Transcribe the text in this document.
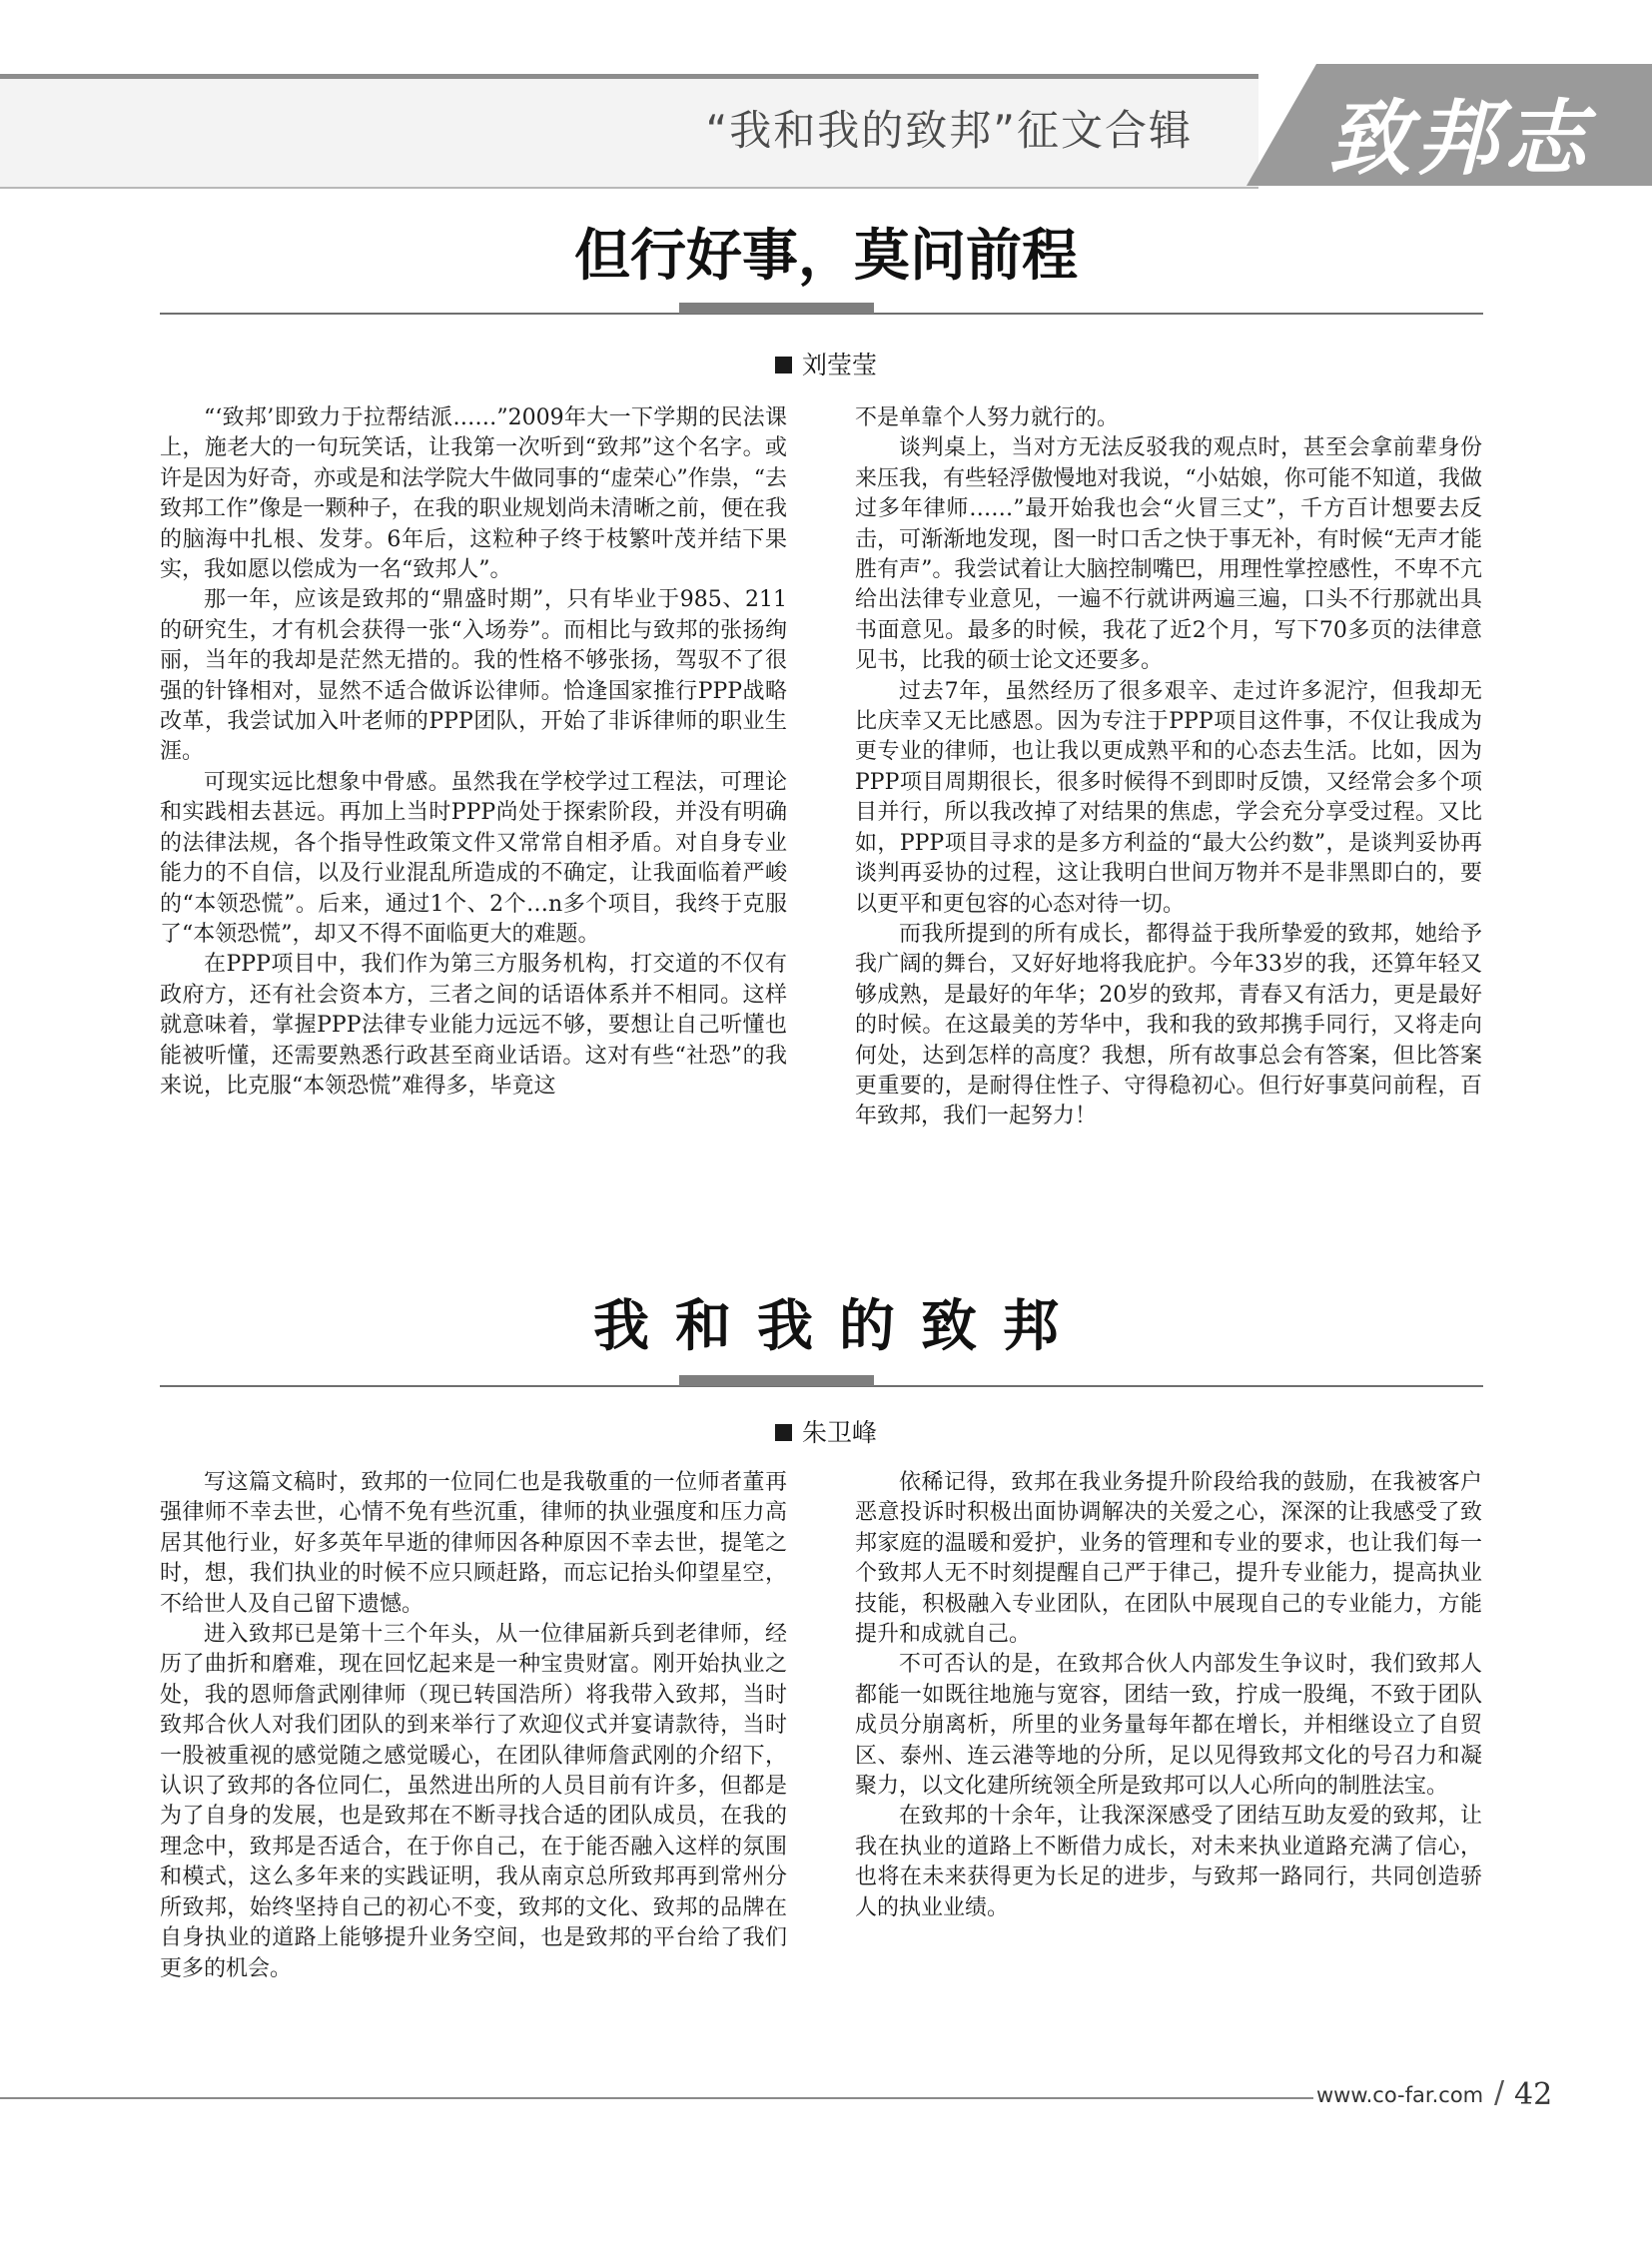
“我和我的致邦”征文合辑 致邦志
但行好事，莫问前程
刘莹莹

“‘致邦’即致力于拉帮结派……”2009年大一下学期的民法课上，施老大的一句玩笑话，让我第一次听到“致邦”这个名字。或许是因为好奇，亦或是和法学院大牛做同事的“虚荣心”作祟，“去致邦工作”像是一颗种子，在我的职业规划尚未清晰之前，便在我的脑海中扎根、发芽。6年后，这粒种子终于枝繁叶茂并结下果实，我如愿以偿成为一名“致邦人”。

那一年，应该是致邦的“鼎盛时期”，只有毕业于985、211的研究生，才有机会获得一张“入场券”。而相比与致邦的张扬绚丽，当年的我却是茫然无措的。我的性格不够张扬，驾驭不了很强的针锋相对，显然不适合做诉讼律师。恰逢国家推行PPP战略改革，我尝试加入叶老师的PPP团队，开始了非诉律师的职业生涯。

可现实远比想象中骨感。虽然我在学校学过工程法，可理论和实践相去甚远。再加上当时PPP尚处于探索阶段，并没有明确的法律法规，各个指导性政策文件又常常自相矛盾。对自身专业能力的不自信，以及行业混乱所造成的不确定，让我面临着严峻的“本领恐慌”。后来，通过1个、2个…n多个项目，我终于克服了“本领恐慌”，却又不得不面临更大的难题。

在PPP项目中，我们作为第三方服务机构，打交道的不仅有政府方，还有社会资本方，三者之间的话语体系并不相同。这样就意味着，掌握PPP法律专业能力远远不够，要想让自己听懂也能被听懂，还需要熟悉行政甚至商业话语。这对有些“社恐”的我来说，比克服“本领恐慌”难得多，毕竟这

不是单靠个人努力就行的。

谈判桌上，当对方无法反驳我的观点时，甚至会拿前辈身份来压我，有些轻浮傲慢地对我说，“小姑娘，你可能不知道，我做过多年律师……”最开始我也会“火冒三丈”，千方百计想要去反击，可渐渐地发现，图一时口舌之快于事无补，有时候“无声才能胜有声”。我尝试着让大脑控制嘴巴，用理性掌控感性，不卑不亢给出法律专业意见，一遍不行就讲两遍三遍，口头不行那就出具书面意见。最多的时候，我花了近2个月，写下70多页的法律意见书，比我的硕士论文还要多。

过去7年，虽然经历了很多艰辛、走过许多泥泞，但我却无比庆幸又无比感恩。因为专注于PPP项目这件事，不仅让我成为更专业的律师，也让我以更成熟平和的心态去生活。比如，因为PPP项目周期很长，很多时候得不到即时反馈，又经常会多个项目并行，所以我改掉了对结果的焦虑，学会充分享受过程。又比如，PPP项目寻求的是多方利益的“最大公约数”，是谈判妥协再谈判再妥协的过程，这让我明白世间万物并不是非黑即白的，要以更平和更包容的心态对待一切。

而我所提到的所有成长，都得益于我所挚爱的致邦，她给予我广阔的舞台，又好好地将我庇护。今年33岁的我，还算年轻又够成熟，是最好的年华；20岁的致邦，青春又有活力，更是最好的时候。在这最美的芳华中，我和我的致邦携手同行，又将走向何处，达到怎样的高度？我想，所有故事总会有答案，但比答案更重要的，是耐得住性子、守得稳初心。但行好事莫问前程，百年致邦，我们一起努力！

我和我的致邦
朱卫峰

写这篇文稿时，致邦的一位同仁也是我敬重的一位师者董再强律师不幸去世，心情不免有些沉重，律师的执业强度和压力高居其他行业，好多英年早逝的律师因各种原因不幸去世，提笔之时，想，我们执业的时候不应只顾赶路，而忘记抬头仰望星空，不给世人及自己留下遗憾。

进入致邦已是第十三个年头，从一位律届新兵到老律师，经历了曲折和磨难，现在回忆起来是一种宝贵财富。刚开始执业之处，我的恩师詹武刚律师（现已转国浩所）将我带入致邦，当时致邦合伙人对我们团队的到来举行了欢迎仪式并宴请款待，当时一股被重视的感觉随之感觉暖心，在团队律师詹武刚的介绍下，认识了致邦的各位同仁，虽然进出所的人员目前有许多，但都是为了自身的发展，也是致邦在不断寻找合适的团队成员，在我的理念中，致邦是否适合，在于你自己，在于能否融入这样的氛围和模式，这么多年来的实践证明，我从南京总所致邦再到常州分所致邦，始终坚持自己的初心不变，致邦的文化、致邦的品牌在自身执业的道路上能够提升业务空间，也是致邦的平台给了我们更多的机会。

依稀记得，致邦在我业务提升阶段给我的鼓励，在我被客户恶意投诉时积极出面协调解决的关爱之心，深深的让我感受了致邦家庭的温暖和爱护，业务的管理和专业的要求，也让我们每一个致邦人无不时刻提醒自己严于律己，提升专业能力，提高执业技能，积极融入专业团队，在团队中展现自己的专业能力，方能提升和成就自己。

不可否认的是，在致邦合伙人内部发生争议时，我们致邦人都能一如既往地施与宽容，团结一致，拧成一股绳，不致于团队成员分崩离析，所里的业务量每年都在增长，并相继设立了自贸区、泰州、连云港等地的分所，足以见得致邦文化的号召力和凝聚力，以文化建所统领全所是致邦可以人心所向的制胜法宝。

在致邦的十余年，让我深深感受了团结互助友爱的致邦，让我在执业的道路上不断借力成长，对未来执业道路充满了信心，也将在未来获得更为长足的进步，与致邦一路同行，共同创造骄人的执业业绩。

www.co-far.com / 42
